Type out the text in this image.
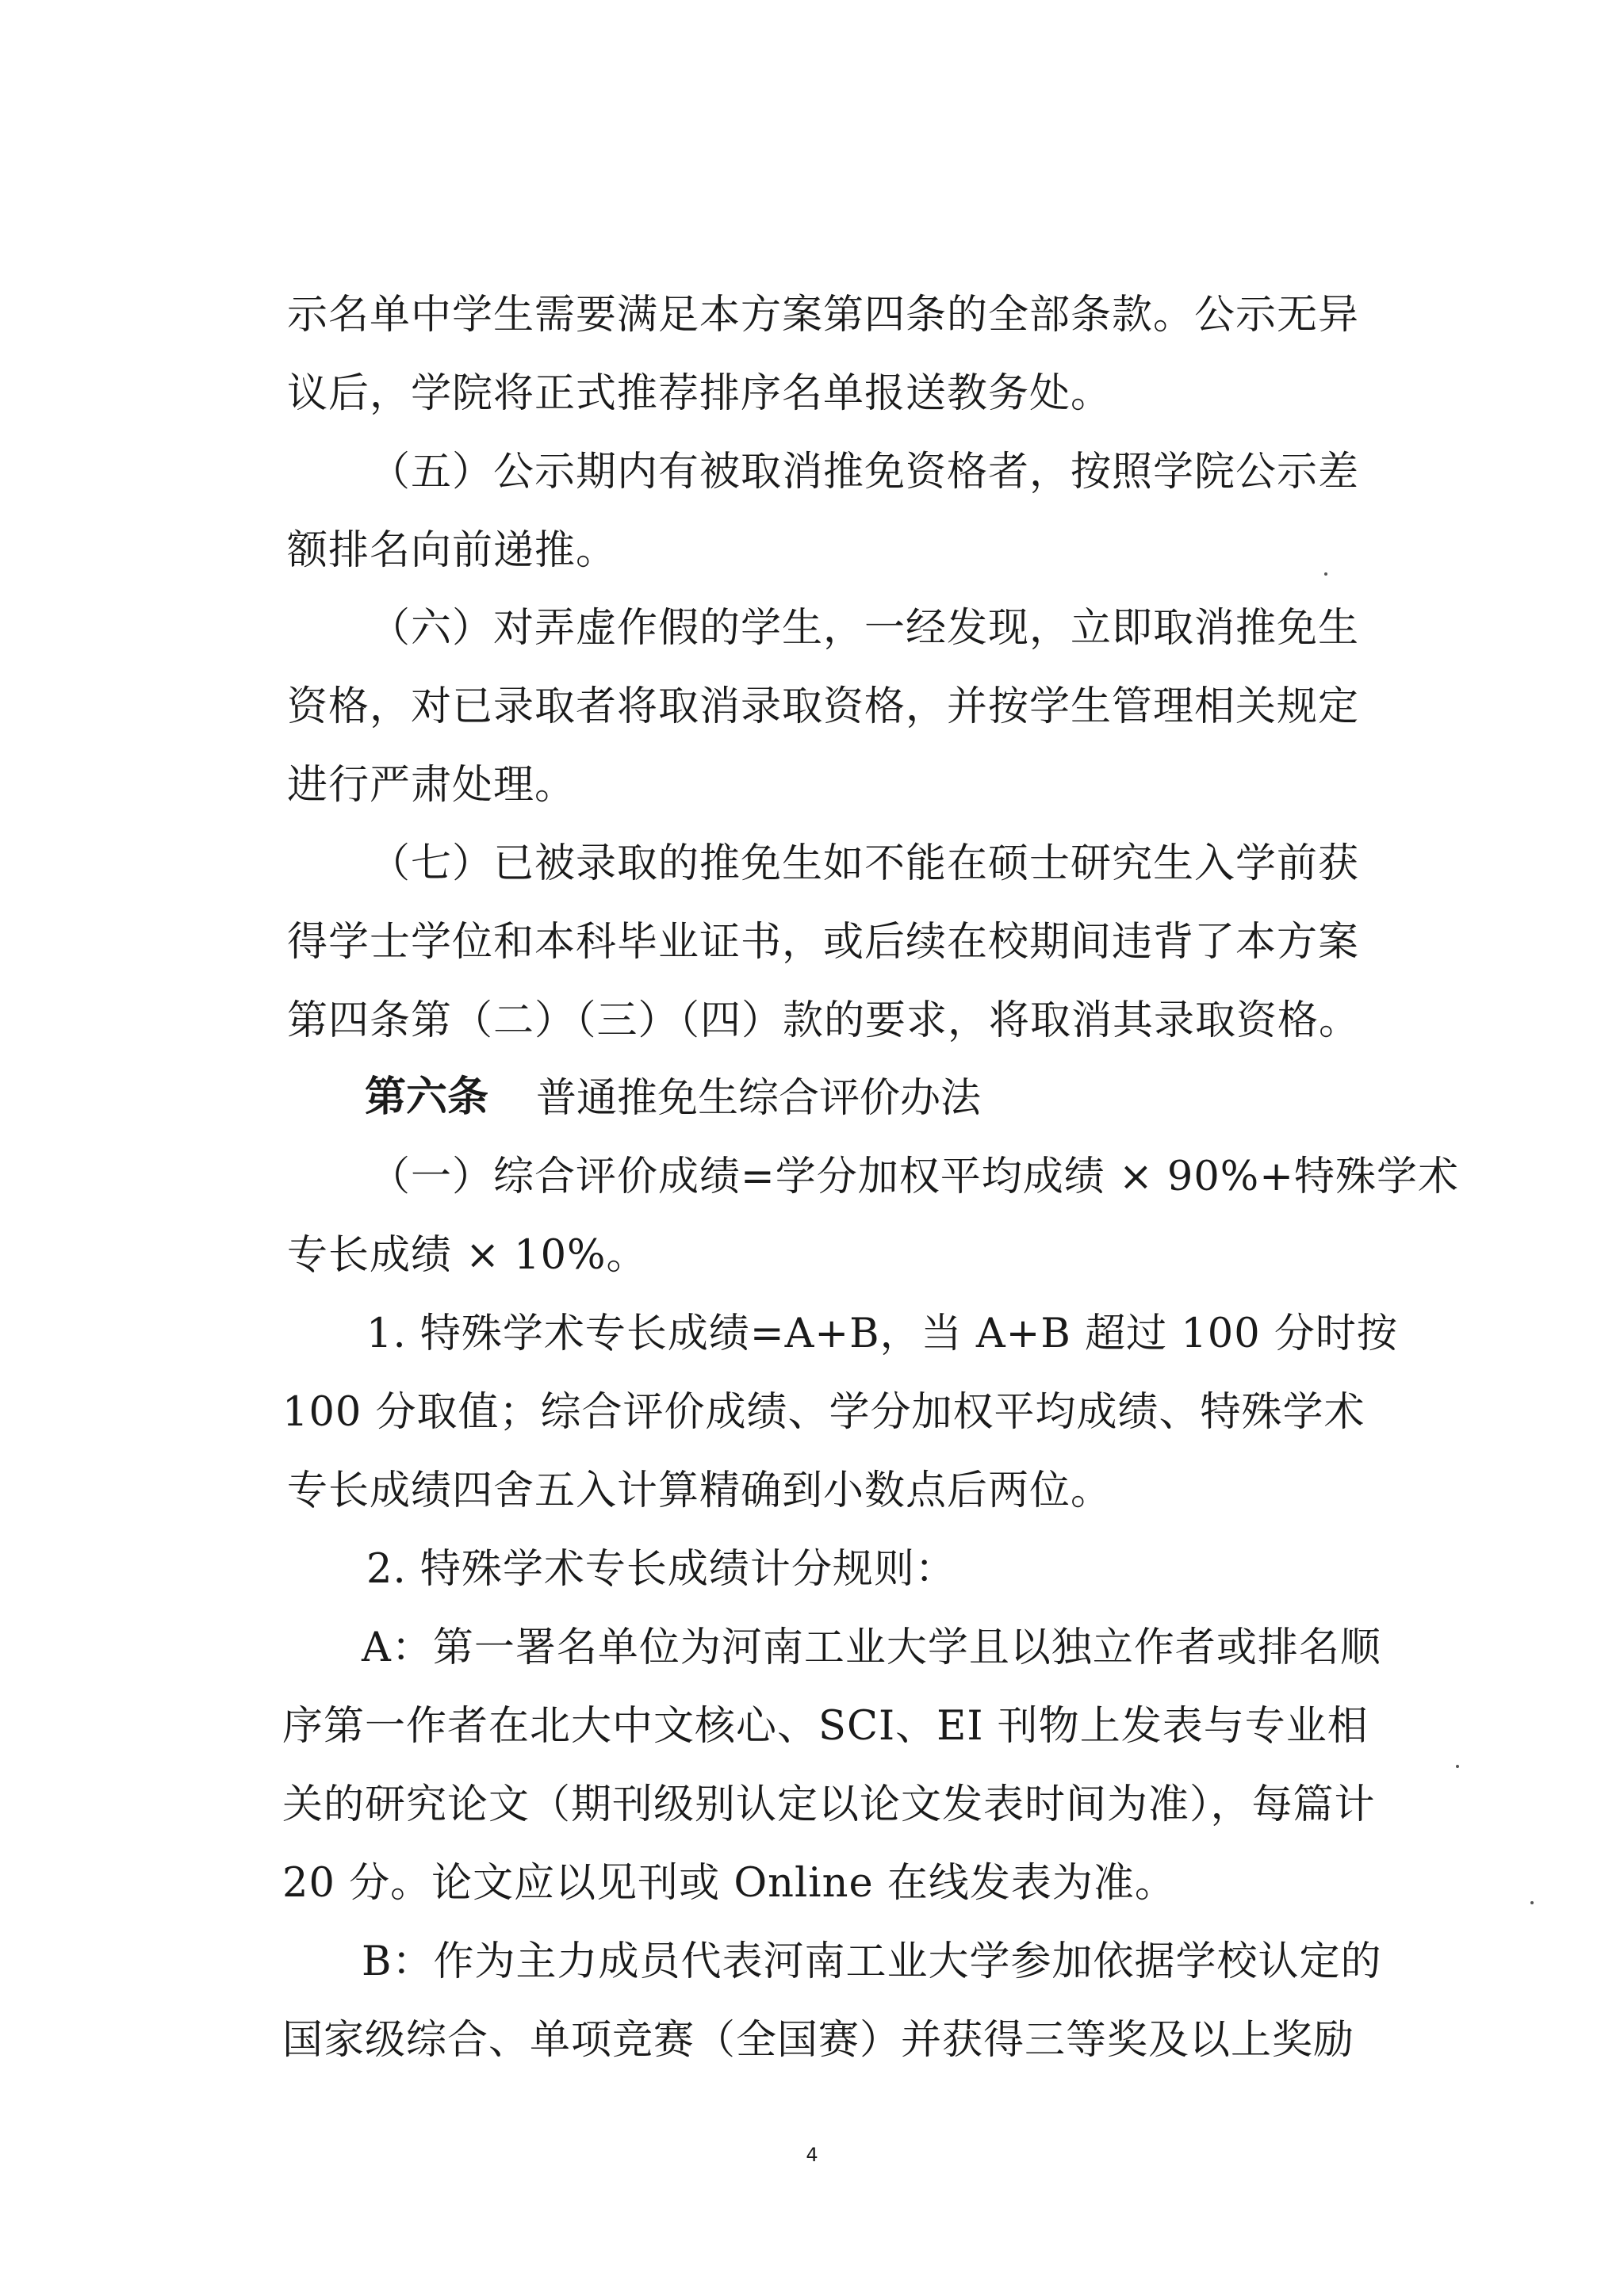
示名单中学生需要满足本方案第四条的全部条款。公示无异
议后，学院将正式推荐排序名单报送教务处。
（五）公示期内有被取消推免资格者，按照学院公示差
额排名向前递推。
（六）对弄虚作假的学生，一经发现，立即取消推免生
资格，对已录取者将取消录取资格，并按学生管理相关规定
进行严肃处理。
（七）已被录取的推免生如不能在硕士研究生入学前获
得学士学位和本科毕业证书，或后续在校期间违背了本方案
第四条第（二）（三）（四）款的要求，将取消其录取资格。
第六条 普通推免生综合评价办法
（一）综合评价成绩=学分加权平均成绩 × 90%+特殊学术
专长成绩 × 10%。
1. 特殊学术专长成绩=A+B，当 A+B 超过 100 分时按
100 分取值；综合评价成绩、学分加权平均成绩、特殊学术
专长成绩四舍五入计算精确到小数点后两位。
2. 特殊学术专长成绩计分规则：
A：第一署名单位为河南工业大学且以独立作者或排名顺
序第一作者在北大中文核心、SCI、EI 刊物上发表与专业相
关的研究论文（期刊级别认定以论文发表时间为准），每篇计
20 分。论文应以见刊或 Online 在线发表为准。
B：作为主力成员代表河南工业大学参加依据学校认定的
国家级综合、单项竞赛（全国赛）并获得三等奖及以上奖励
4
